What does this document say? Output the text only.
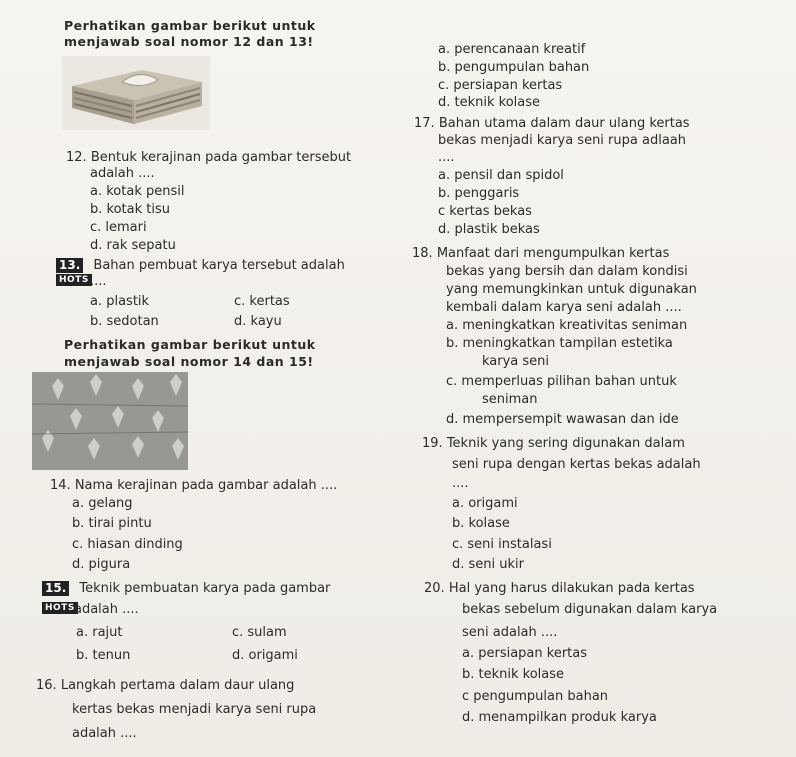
Perhatikan gambar berikut untuk
menjawab soal nomor 12 dan 13!
12. Bentuk kerajinan pada gambar tersebut
adalah ....
a. kotak pensil
b. kotak tisu
c. lemari
d. rak sepatu
13. Bahan pembuat karya tersebut adalah
HOTS ....
a. plastik	c. kertas
b. sedotan	d. kayu
Perhatikan gambar berikut untuk
menjawab soal nomor 14 dan 15!
14. Nama kerajinan pada gambar adalah ....
a. gelang
b. tirai pintu
c. hiasan dinding
d. pigura
15. Teknik pembuatan karya pada gambar
HOTS adalah ....
a. rajut	c. sulam
b. tenun	d. origami
16. Langkah pertama dalam daur ulang
kertas bekas menjadi karya seni rupa
adalah ....
a. perencanaan kreatif
b. pengumpulan bahan
c. persiapan kertas
d. teknik kolase
17. Bahan utama dalam daur ulang kertas
bekas menjadi karya seni rupa adlaah
....
a. pensil dan spidol
b. penggaris
c kertas bekas
d. plastik bekas
18. Manfaat dari mengumpulkan kertas
bekas yang bersih dan dalam kondisi
yang memungkinkan untuk digunakan
kembali dalam karya seni adalah ....
a. meningkatkan kreativitas seniman
b. meningkatkan tampilan estetika
karya seni
c. memperluas pilihan bahan untuk
seniman
d. mempersempit wawasan dan ide
19. Teknik yang sering digunakan dalam
seni rupa dengan kertas bekas adalah
....
a. origami
b. kolase
c. seni instalasi
d. seni ukir
20. Hal yang harus dilakukan pada kertas
bekas sebelum digunakan dalam karya
seni adalah ....
a. persiapan kertas
b. teknik kolase
c pengumpulan bahan
d. menampilkan produk karya
